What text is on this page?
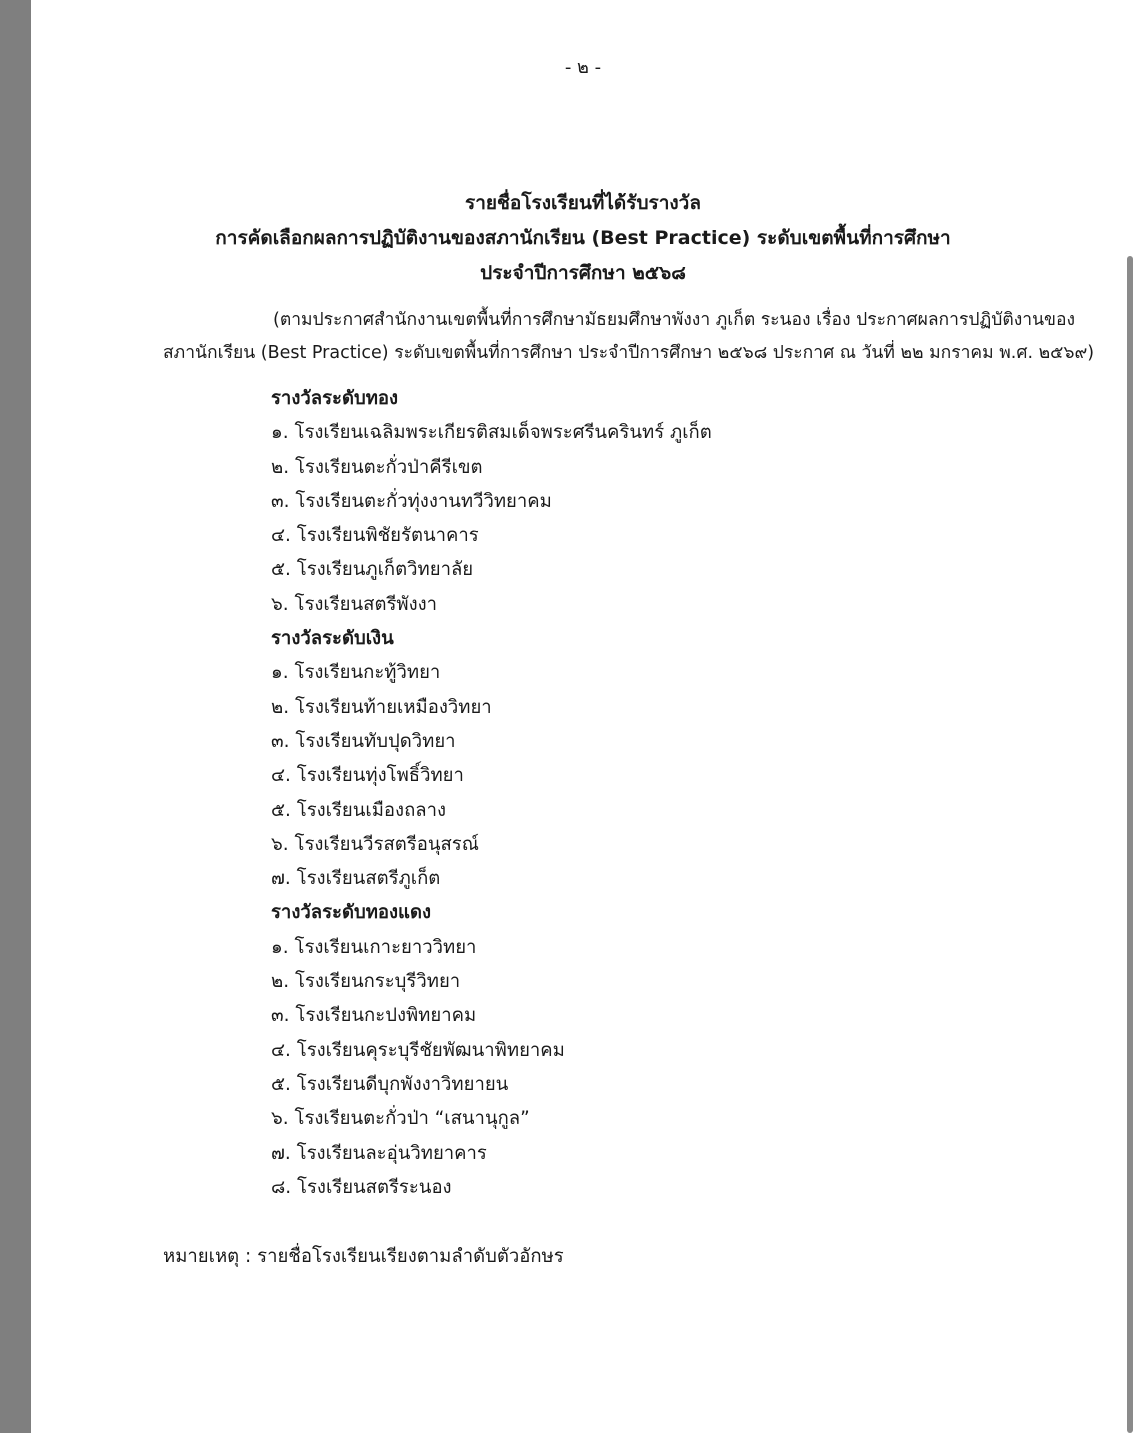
- ๒ -
รายชื่อโรงเรียนที่ได้รับรางวัล
การคัดเลือกผลการปฏิบัติงานของสภานักเรียน (Best Practice) ระดับเขตพื้นที่การศึกษา
ประจำปีการศึกษา ๒๕๖๘
(ตามประกาศสำนักงานเขตพื้นที่การศึกษามัธยมศึกษาพังงา ภูเก็ต ระนอง เรื่อง ประกาศผลการปฏิบัติงานของ
สภานักเรียน (Best Practice) ระดับเขตพื้นที่การศึกษา ประจำปีการศึกษา ๒๕๖๘ ประกาศ ณ วันที่ ๒๒ มกราคม พ.ศ. ๒๕๖๙)
รางวัลระดับทอง
๑. โรงเรียนเฉลิมพระเกียรติสมเด็จพระศรีนครินทร์ ภูเก็ต
๒. โรงเรียนตะกั่วป่าคีรีเขต
๓. โรงเรียนตะกั่วทุ่งงานทวีวิทยาคม
๔. โรงเรียนพิชัยรัตนาคาร
๕. โรงเรียนภูเก็ตวิทยาลัย
๖. โรงเรียนสตรีพังงา
รางวัลระดับเงิน
๑. โรงเรียนกะทู้วิทยา
๒. โรงเรียนท้ายเหมืองวิทยา
๓. โรงเรียนทับปุดวิทยา
๔. โรงเรียนทุ่งโพธิ์วิทยา
๕. โรงเรียนเมืองถลาง
๖. โรงเรียนวีรสตรีอนุสรณ์
๗. โรงเรียนสตรีภูเก็ต
รางวัลระดับทองแดง
๑. โรงเรียนเกาะยาววิทยา
๒. โรงเรียนกระบุรีวิทยา
๓. โรงเรียนกะปงพิทยาคม
๔. โรงเรียนคุระบุรีชัยพัฒนาพิทยาคม
๕. โรงเรียนดีบุกพังงาวิทยายน
๖. โรงเรียนตะกั่วป่า “เสนานุกูล”
๗. โรงเรียนละอุ่นวิทยาคาร
๘. โรงเรียนสตรีระนอง
หมายเหตุ : รายชื่อโรงเรียนเรียงตามลำดับตัวอักษร
